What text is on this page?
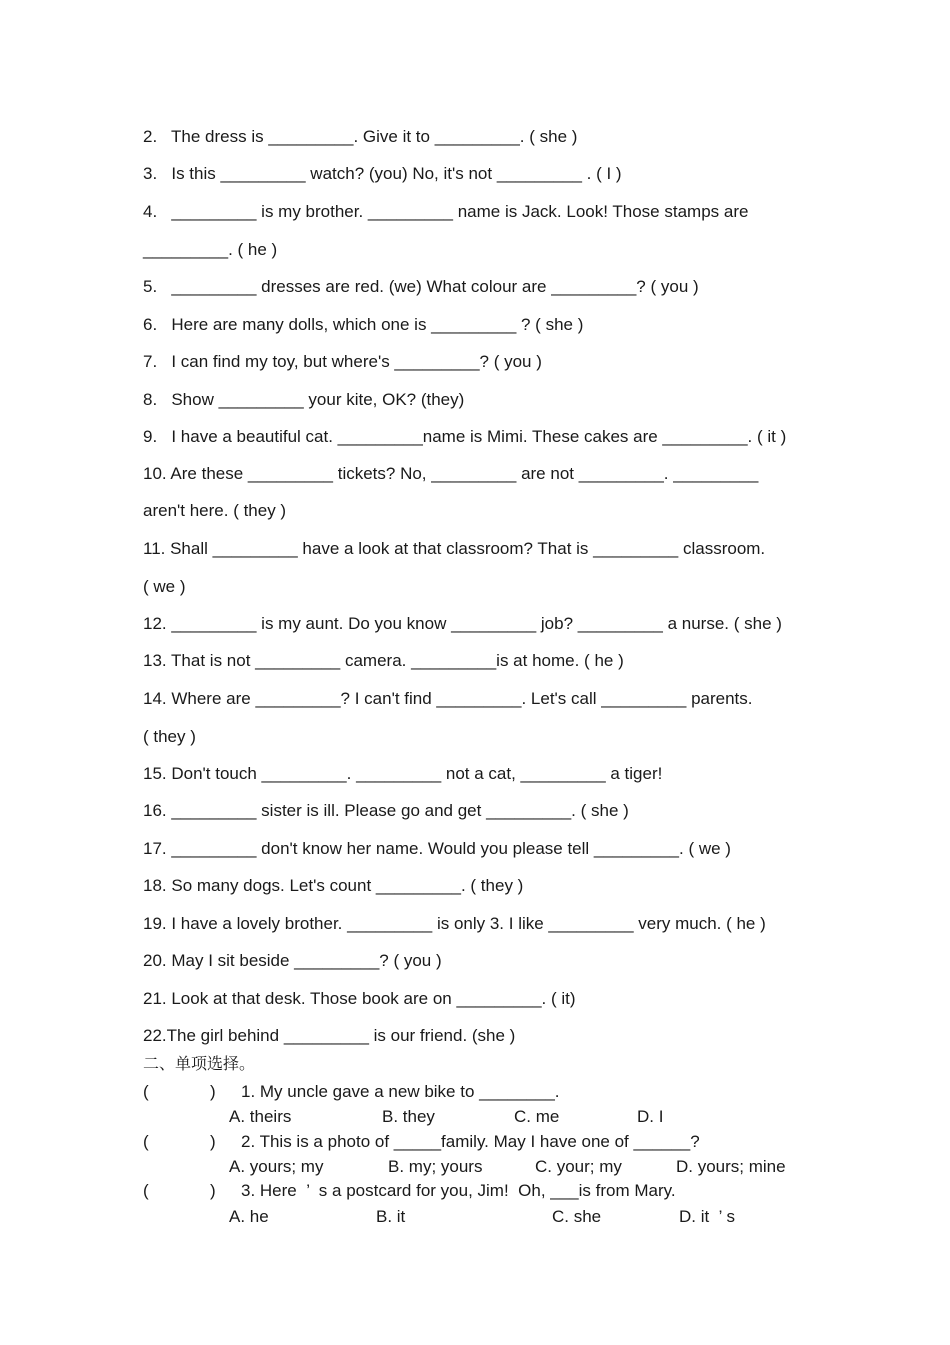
2.   The dress is _________. Give it to _________. ( she )
3.   Is this _________ watch? (you) No, it's not _________ . ( I )
4.   _________ is my brother. _________ name is Jack. Look! Those stamps are
_________. ( he )
5.   _________ dresses are red. (we) What colour are _________? ( you )
6.   Here are many dolls, which one is _________ ? ( she )
7.   I can find my toy, but where's _________? ( you )
8.   Show _________ your kite, OK? (they)
9.   I have a beautiful cat. _________name is Mimi. These cakes are _________. ( it )
10. Are these _________ tickets? No, _________ are not _________. _________
aren't here. ( they )
11. Shall _________ have a look at that classroom? That is _________ classroom.
( we )
12. _________ is my aunt. Do you know _________ job? _________ a nurse. ( she )
13. That is not _________ camera. _________is at home. ( he )
14. Where are _________? I can't find _________. Let's call _________ parents.
( they )
15. Don't touch _________. _________ not a cat, _________ a tiger!
16. _________ sister is ill. Please go and get _________. ( she )
17. _________ don't know her name. Would you please tell _________. ( we )
18. So many dogs. Let's count _________. ( they )
19. I have a lovely brother. _________ is only 3. I like _________ very much. ( he )
20. May I sit beside _________? ( you )
21. Look at that desk. Those book are on _________. ( it)
22.The girl behind _________ is our friend. (she )
二、单项选择。
(             ) 1. My uncle gave a new bike to ________.
A. theirs	B. they	C. me	D. I
(             ) 2. This is a photo of _____family. May I have one of ______?
A. yours; my	B. my; yours	C. your; my	D. yours; mine
(             ) 3. Here  ’  s a postcard for you, Jim!  Oh, ___is from Mary.
A. he	B. it	C. she	D. it  ’ s
